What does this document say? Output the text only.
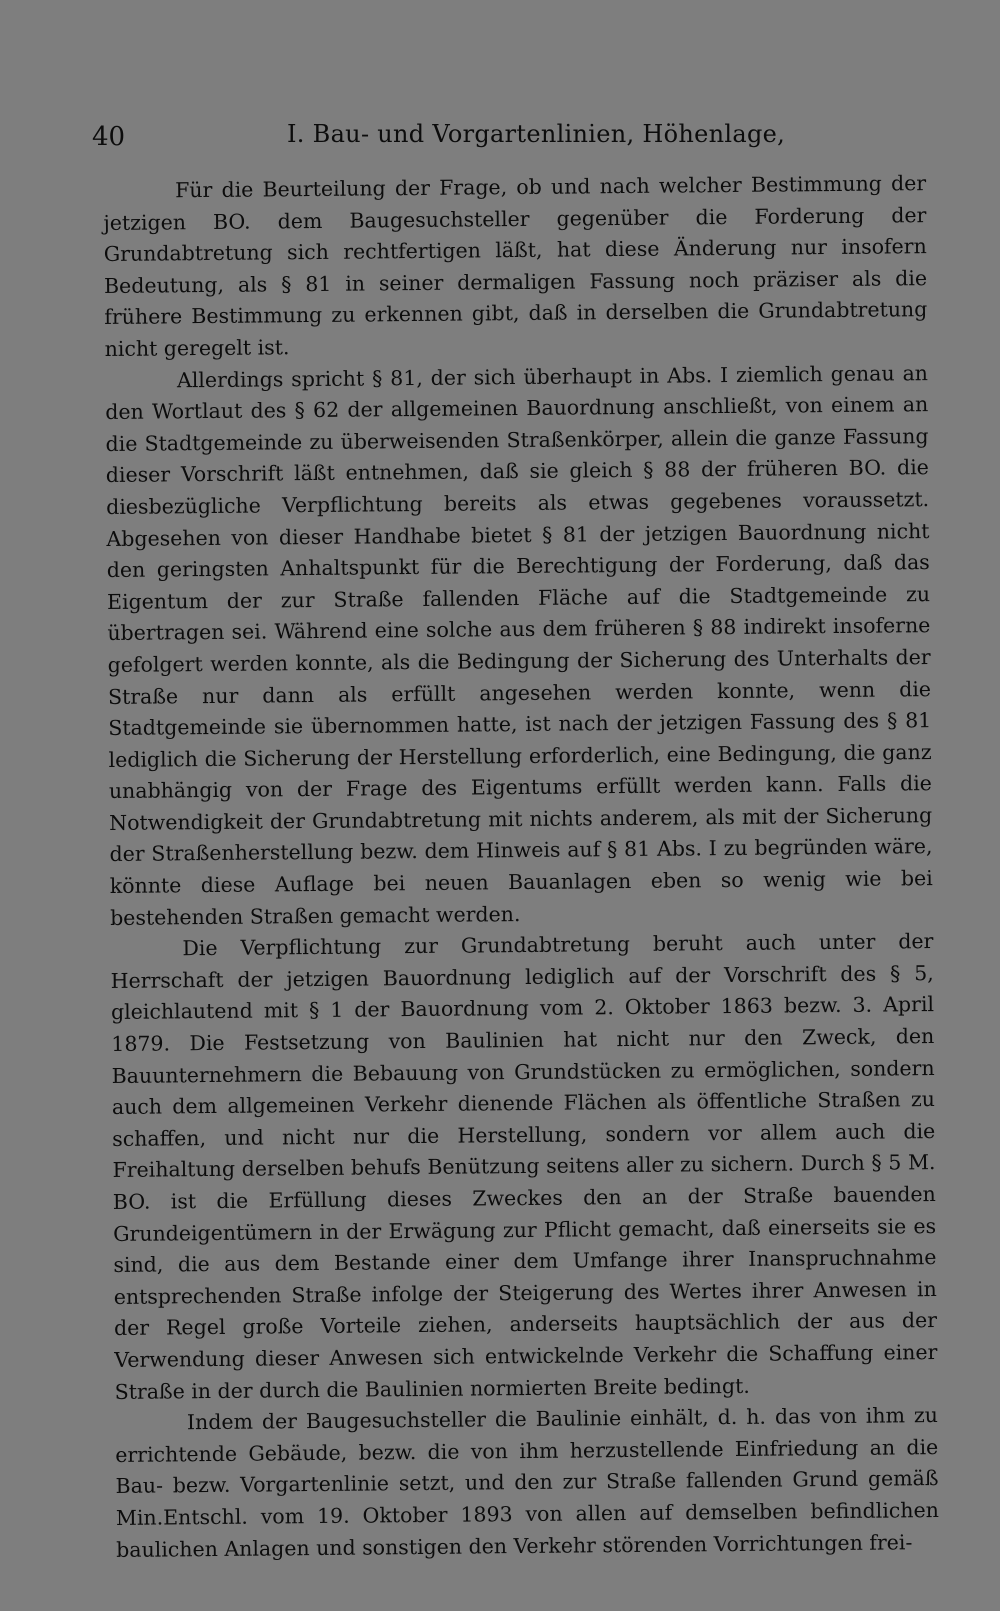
40	I. Bau- und Vorgartenlinien, Höhenlage,

Für die Beurteilung der Frage, ob und nach welcher Bestimmung der jetzigen BO. dem Baugesuchsteller gegenüber die Forderung der Grundabtretung sich rechtfertigen läßt, hat diese Änderung nur insofern Bedeutung, als § 81 in seiner dermaligen Fassung noch präziser als die frühere Bestimmung zu erkennen gibt, daß in derselben die Grundabtretung nicht geregelt ist.

Allerdings spricht § 81, der sich überhaupt in Abs. I ziemlich genau an den Wortlaut des § 62 der allgemeinen Bauordnung anschließt, von einem an die Stadtgemeinde zu überweisenden Straßenkörper, allein die ganze Fassung dieser Vorschrift läßt entnehmen, daß sie gleich § 88 der früheren BO. die diesbezügliche Verpflichtung bereits als etwas gegebenes voraussetzt. Abgesehen von dieser Handhabe bietet § 81 der jetzigen Bauordnung nicht den geringsten Anhaltspunkt für die Berechtigung der Forderung, daß das Eigentum der zur Straße fallenden Fläche auf die Stadtgemeinde zu übertragen sei. Während eine solche aus dem früheren § 88 indirekt insoferne gefolgert werden konnte, als die Bedingung der Sicherung des Unterhalts der Straße nur dann als erfüllt angesehen werden konnte, wenn die Stadtgemeinde sie übernommen hatte, ist nach der jetzigen Fassung des § 81 lediglich die Sicherung der Herstellung erforderlich, eine Bedingung, die ganz unabhängig von der Frage des Eigentums erfüllt werden kann. Falls die Notwendigkeit der Grundabtretung mit nichts anderem, als mit der Sicherung der Straßenherstellung bezw. dem Hinweis auf § 81 Abs. I zu begründen wäre, könnte diese Auflage bei neuen Bauanlagen eben so wenig wie bei bestehenden Straßen gemacht werden.

Die Verpflichtung zur Grundabtretung beruht auch unter der Herrschaft der jetzigen Bauordnung lediglich auf der Vorschrift des § 5, gleichlautend mit § 1 der Bauordnung vom 2. Oktober 1863 bezw. 3. April 1879. Die Festsetzung von Baulinien hat nicht nur den Zweck, den Bauunternehmern die Bebauung von Grundstücken zu ermöglichen, sondern auch dem allgemeinen Verkehr dienende Flächen als öffentliche Straßen zu schaffen, und nicht nur die Herstellung, sondern vor allem auch die Freihaltung derselben behufs Benützung seitens aller zu sichern. Durch § 5 M. BO. ist die Erfüllung dieses Zweckes den an der Straße bauenden Grundeigentümern in der Erwägung zur Pflicht gemacht, daß einerseits sie es sind, die aus dem Bestande einer dem Umfange ihrer Inanspruchnahme entsprechenden Straße infolge der Steigerung des Wertes ihrer Anwesen in der Regel große Vorteile ziehen, anderseits hauptsächlich der aus der Verwendung dieser Anwesen sich entwickelnde Verkehr die Schaffung einer Straße in der durch die Baulinien normierten Breite bedingt.

Indem der Baugesuchsteller die Baulinie einhält, d. h. das von ihm zu errichtende Gebäude, bezw. die von ihm herzustellende Einfriedung an die Bau- bezw. Vorgartenlinie setzt, und den zur Straße fallenden Grund gemäß Min.Entschl. vom 19. Oktober 1893 von allen auf demselben befindlichen baulichen Anlagen und sonstigen den Verkehr störenden Vorrichtungen frei-
